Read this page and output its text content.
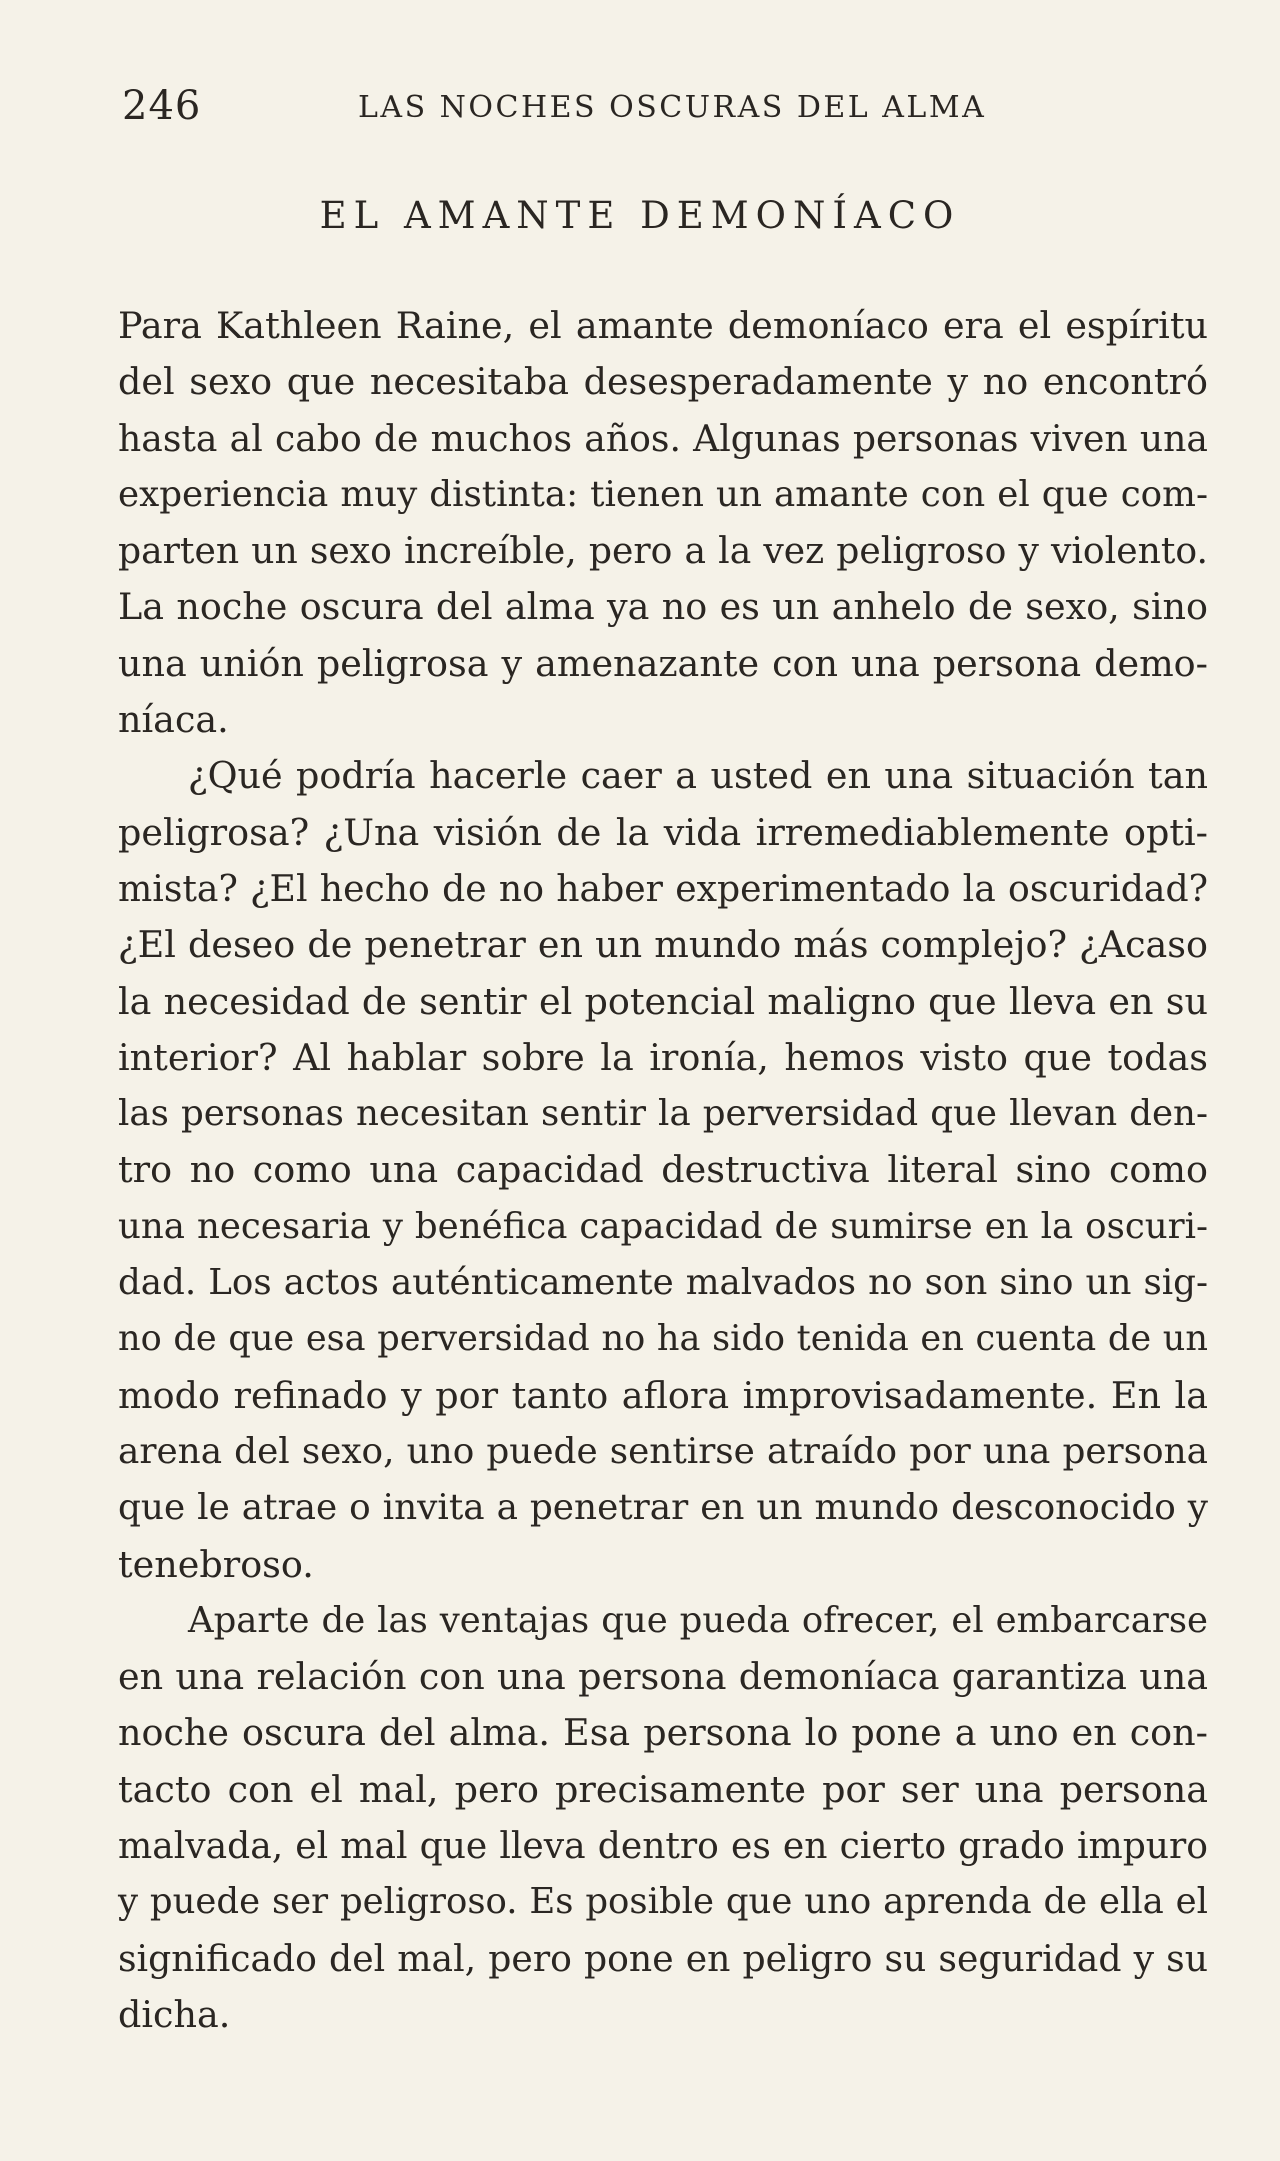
246	LAS NOCHES OSCURAS DEL ALMA
EL AMANTE DEMONÍACO
Para Kathleen Raine, el amante demoníaco era el espíritu
del sexo que necesitaba desesperadamente y no encontró
hasta al cabo de muchos años. Algunas personas viven una
experiencia muy distinta: tienen un amante con el que com-
parten un sexo increíble, pero a la vez peligroso y violento.
La noche oscura del alma ya no es un anhelo de sexo, sino
una unión peligrosa y amenazante con una persona demo-
níaca.
¿Qué podría hacerle caer a usted en una situación tan
peligrosa? ¿Una visión de la vida irremediablemente opti-
mista? ¿El hecho de no haber experimentado la oscuridad?
¿El deseo de penetrar en un mundo más complejo? ¿Acaso
la necesidad de sentir el potencial maligno que lleva en su
interior? Al hablar sobre la ironía, hemos visto que todas
las personas necesitan sentir la perversidad que llevan den-
tro no como una capacidad destructiva literal sino como
una necesaria y benéfica capacidad de sumirse en la oscuri-
dad. Los actos auténticamente malvados no son sino un sig-
no de que esa perversidad no ha sido tenida en cuenta de un
modo refinado y por tanto aflora improvisadamente. En la
arena del sexo, uno puede sentirse atraído por una persona
que le atrae o invita a penetrar en un mundo desconocido y
tenebroso.
Aparte de las ventajas que pueda ofrecer, el embarcarse
en una relación con una persona demoníaca garantiza una
noche oscura del alma. Esa persona lo pone a uno en con-
tacto con el mal, pero precisamente por ser una persona
malvada, el mal que lleva dentro es en cierto grado impuro
y puede ser peligroso. Es posible que uno aprenda de ella el
significado del mal, pero pone en peligro su seguridad y su
dicha.
